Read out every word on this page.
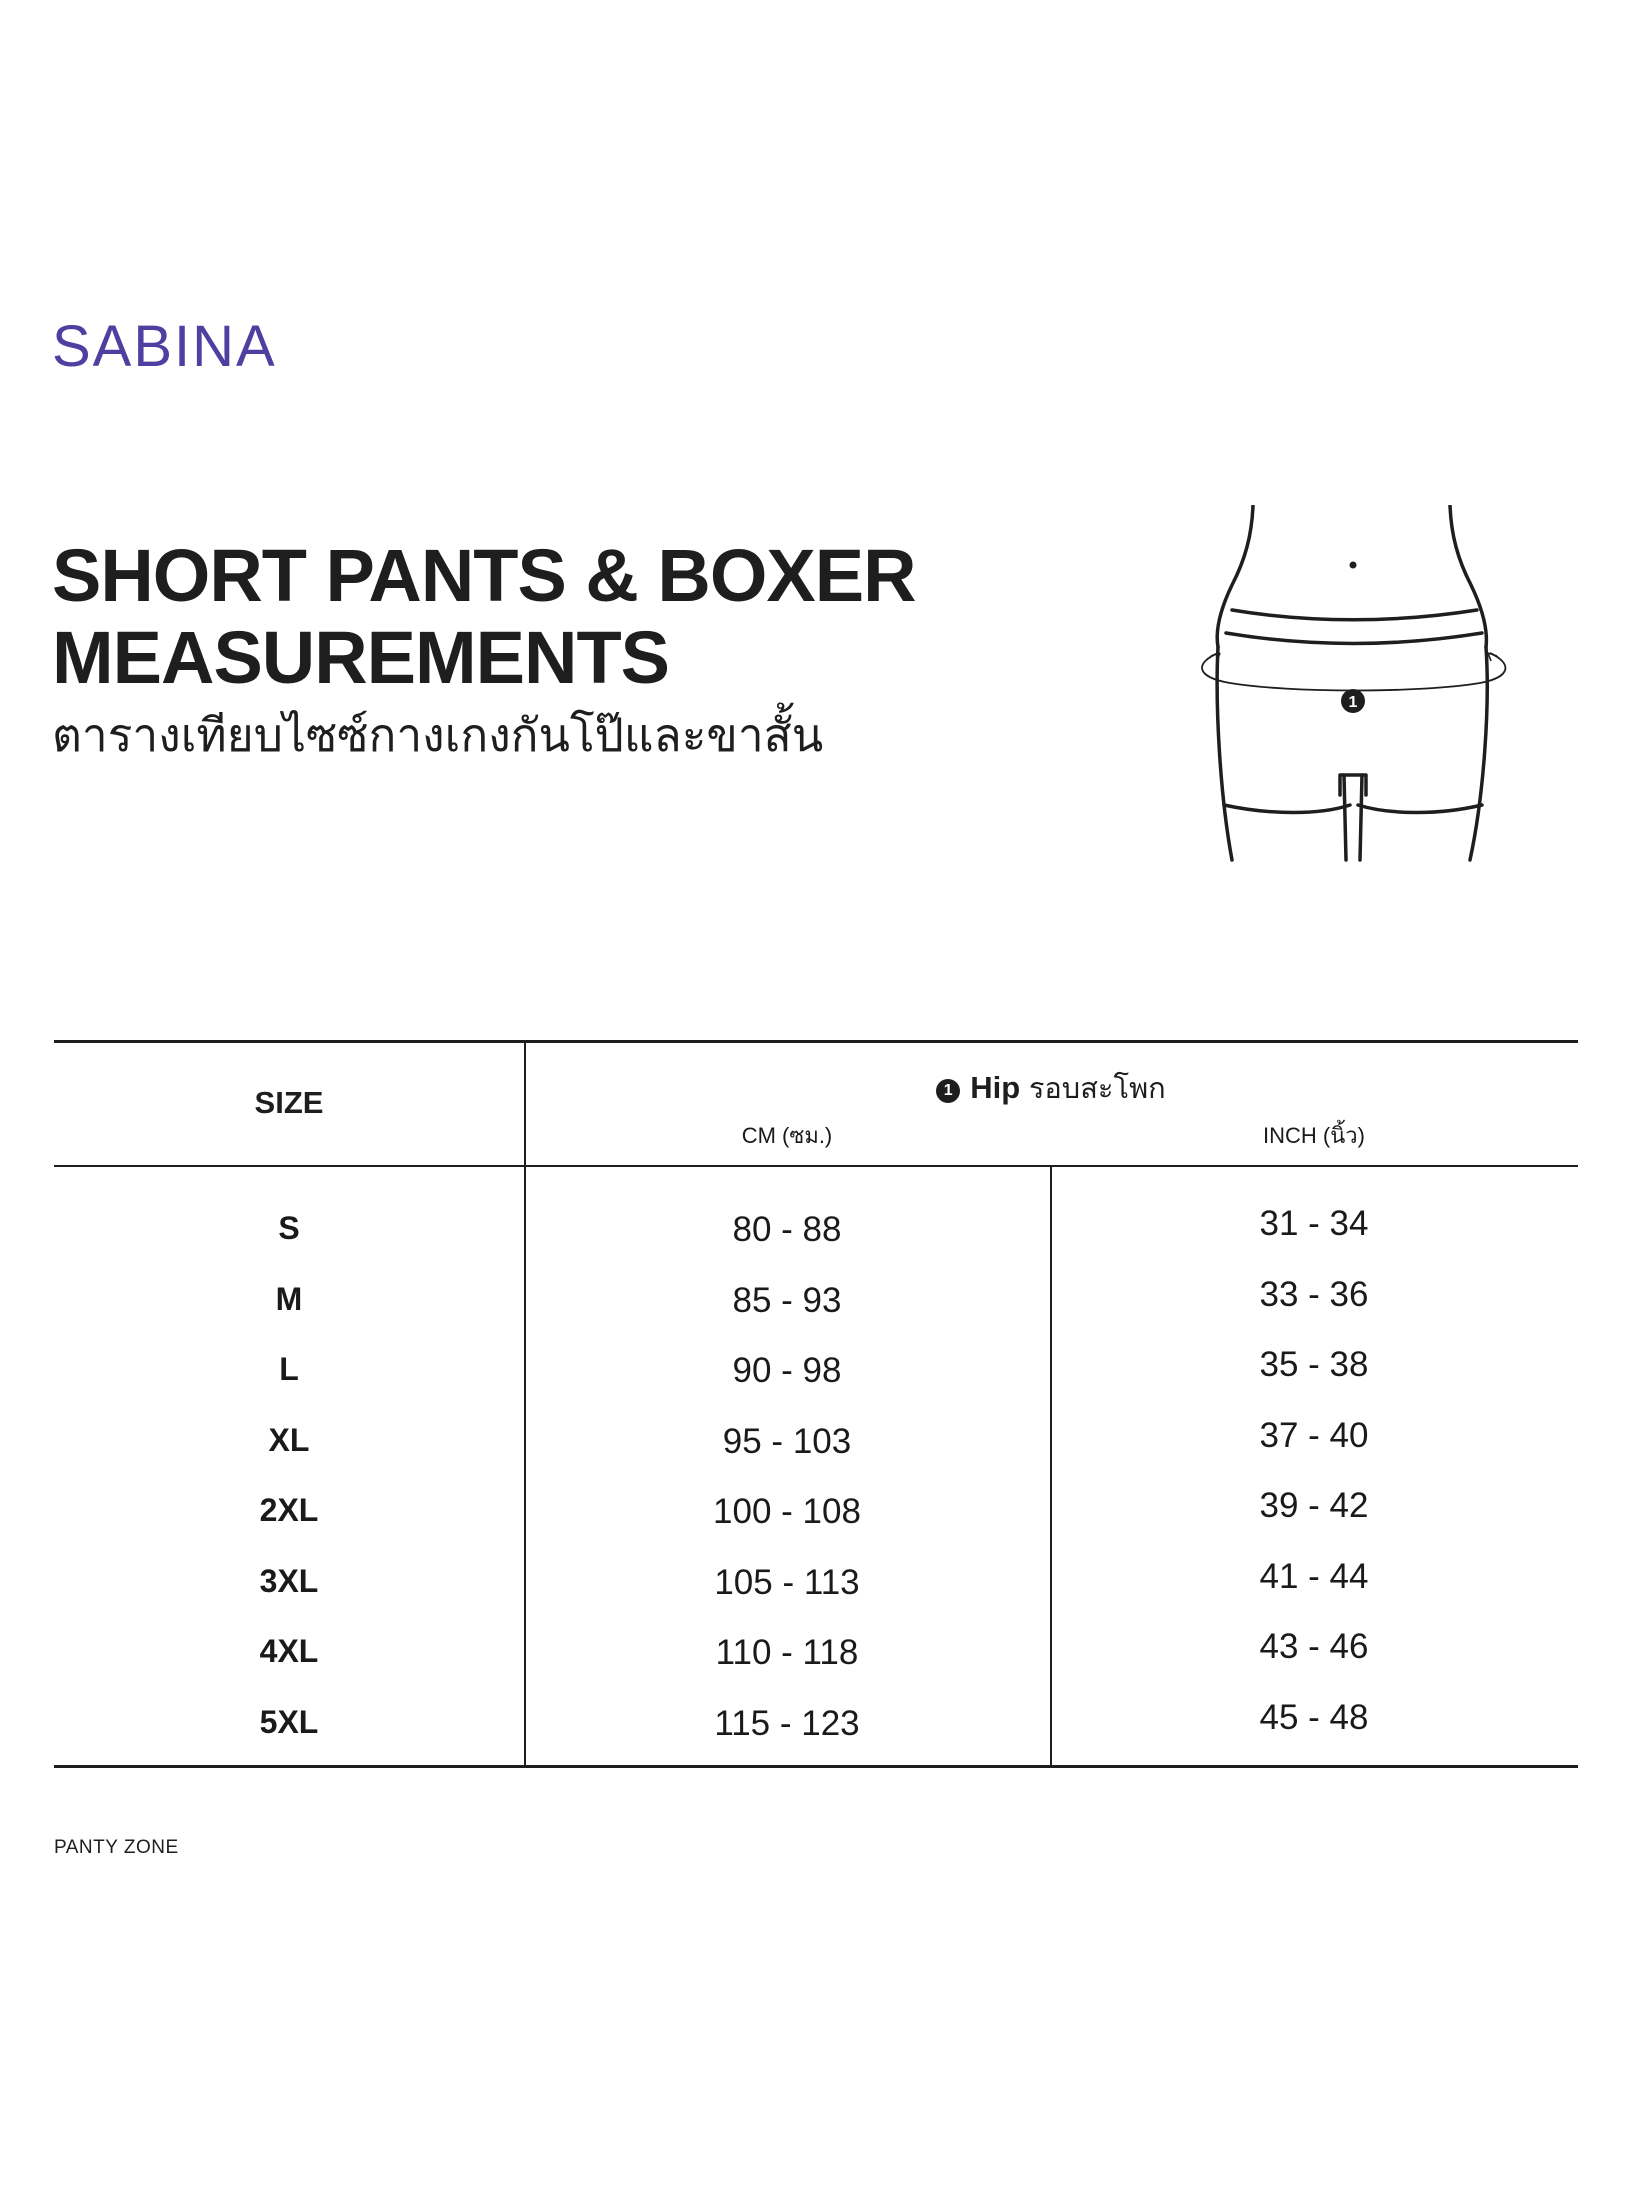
SABINA
SHORT PANTS & BOXER
MEASUREMENTS
ตารางเทียบไซซ์กางเกงกันโป๊และขาสั้น
1
SIZE	1 Hip รอบสะโพก
CM (ซม.)	INCH (นิ้ว)
S	80 - 88	31 - 34
M	85 - 93	33 - 36
L	90 - 98	35 - 38
XL	95 - 103	37 - 40
2XL	100 - 108	39 - 42
3XL	105 - 113	41 - 44
4XL	110 - 118	43 - 46
5XL	115 - 123	45 - 48
PANTY ZONE
